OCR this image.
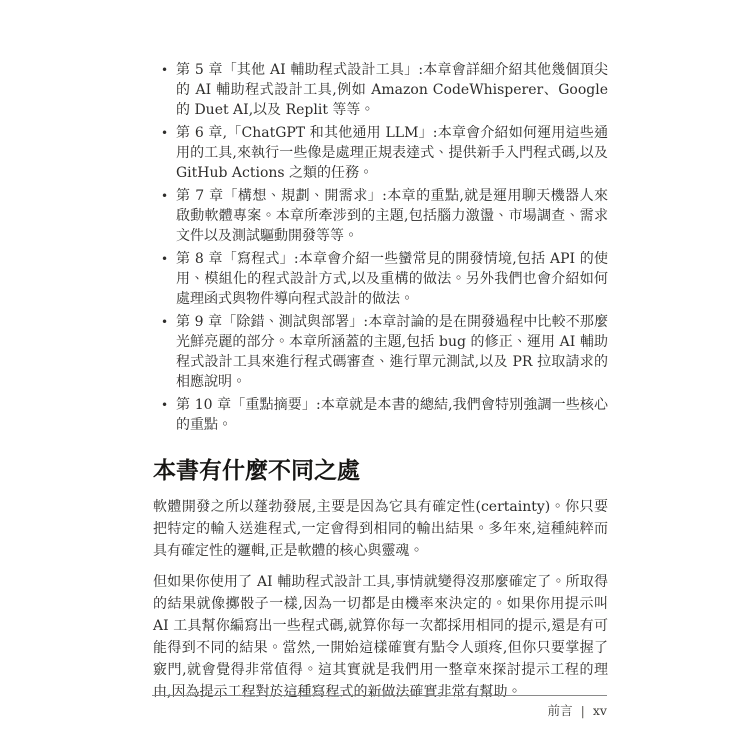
• 第 5 章「其他 AI 輔助程式設計工具」:本章會詳細介紹其他幾個頂尖的 AI 輔助程式設計工具,例如 Amazon CodeWhisperer、Google 的 Duet AI,以及 Replit 等等。
• 第 6 章,「ChatGPT 和其他通用 LLM」:本章會介紹如何運用這些通用的工具,來執行一些像是處理正規表達式、提供新手入門程式碼,以及 GitHub Actions 之類的任務。
• 第 7 章「構想、規劃、開需求」:本章的重點,就是運用聊天機器人來啟動軟體專案。本章所牽涉到的主題,包括腦力激盪、市場調查、需求文件以及測試驅動開發等等。
• 第 8 章「寫程式」:本章會介紹一些蠻常見的開發情境,包括 API 的使用、模組化的程式設計方式,以及重構的做法。另外我們也會介紹如何處理函式與物件導向程式設計的做法。
• 第 9 章「除錯、測試與部署」:本章討論的是在開發過程中比較不那麼光鮮亮麗的部分。本章所涵蓋的主題,包括 bug 的修正、運用 AI 輔助程式設計工具來進行程式碼審查、進行單元測試,以及 PR 拉取請求的相應說明。
• 第 10 章「重點摘要」:本章就是本書的總結,我們會特別強調一些核心的重點。
本書有什麼不同之處

軟體開發之所以蓬勃發展,主要是因為它具有確定性(certainty)。你只要把特定的輸入送進程式,一定會得到相同的輸出結果。多年來,這種純粹而具有確定性的邏輯,正是軟體的核心與靈魂。

但如果你使用了 AI 輔助程式設計工具,事情就變得沒那麼確定了。所取得的結果就像擲骰子一樣,因為一切都是由機率來決定的。如果你用提示叫 AI 工具幫你編寫出一些程式碼,就算你每一次都採用相同的提示,還是有可能得到不同的結果。當然,一開始這樣確實有點令人頭疼,但你只要掌握了竅門,就會覺得非常值得。這其實就是我們用一整章來探討提示工程的理由,因為提示工程對於這種寫程式的新做法確實非常有幫助。

前言 | xv
